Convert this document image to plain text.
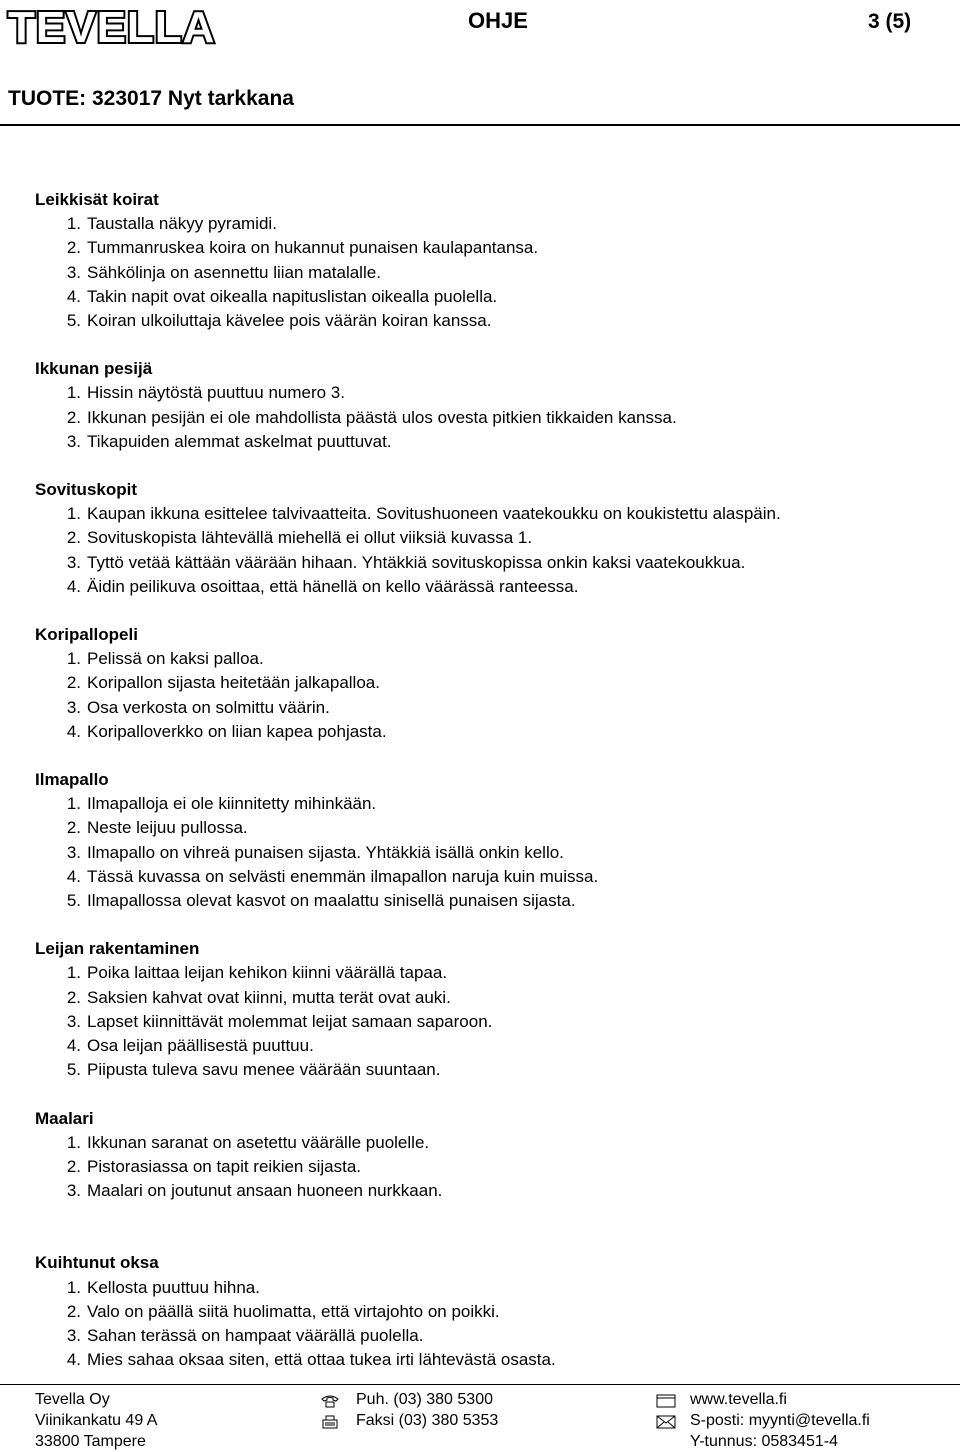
TEVELLA	OHJE	3 (5)
TUOTE: 323017 Nyt tarkkana
Leikkisät koirat
1. Taustalla näkyy pyramidi.
2. Tummanruskea koira on hukannut punaisen kaulapantansa.
3. Sähkölinja on asennettu liian matalalle.
4. Takin napit ovat oikealla napituslistan oikealla puolella.
5. Koiran ulkoiluttaja kävelee pois väärän koiran kanssa.
Ikkunan pesijä
1. Hissin näytöstä puuttuu numero 3.
2. Ikkunan pesijän ei ole mahdollista päästä ulos ovesta pitkien tikkaiden kanssa.
3. Tikapuiden alemmat askelmat puuttuvat.
Sovituskopit
1. Kaupan ikkuna esittelee talvivaatteita. Sovitushuoneen vaatekoukku on koukistettu alaspäin.
2. Sovituskopista lähtevällä miehellä ei ollut viiksiä kuvassa 1.
3. Tyttö vetää kättään väärään hihaan. Yhtäkkiä sovituskopissa onkin kaksi vaatekoukkua.
4. Äidin peilikuva osoittaa, että hänellä on kello väärässä ranteessa.
Koripallopeli
1. Pelissä on kaksi palloa.
2. Koripallon sijasta heitetään jalkapalloa.
3. Osa verkosta on solmittu väärin.
4. Koripalloverkko on liian kapea pohjasta.
Ilmapallo
1. Ilmapalloja ei ole kiinnitetty mihinkään.
2. Neste leijuu pullossa.
3. Ilmapallo on vihreä punaisen sijasta. Yhtäkkiä isällä onkin kello.
4. Tässä kuvassa on selvästi enemmän ilmapallon naruja kuin muissa.
5. Ilmapallossa olevat kasvot on maalattu sinisellä punaisen sijasta.
Leijan rakentaminen
1. Poika laittaa leijan kehikon kiinni väärällä tapaa.
2. Saksien kahvat ovat kiinni, mutta terät ovat auki.
3. Lapset kiinnittävät molemmat leijat samaan saparoon.
4. Osa leijan päällisestä puuttuu.
5. Piipusta tuleva savu menee väärään suuntaan.
Maalari
1. Ikkunan saranat on asetettu väärälle puolelle.
2. Pistorasiassa on tapit reikien sijasta.
3. Maalari on joutunut ansaan huoneen nurkkaan.
Kuihtunut oksa
1. Kellosta puuttuu hihna.
2. Valo on päällä siitä huolimatta, että virtajohto on poikki.
3. Sahan terässä on hampaat väärällä puolella.
4. Mies sahaa oksaa siten, että ottaa tukea irti lähtevästä osasta.
Tevella Oy
Viinikankatu 49 A
33800 Tampere
Puh. (03) 380 5300
Faksi (03) 380 5353
www.tevella.fi
S-posti: myynti@tevella.fi
Y-tunnus: 0583451-4
